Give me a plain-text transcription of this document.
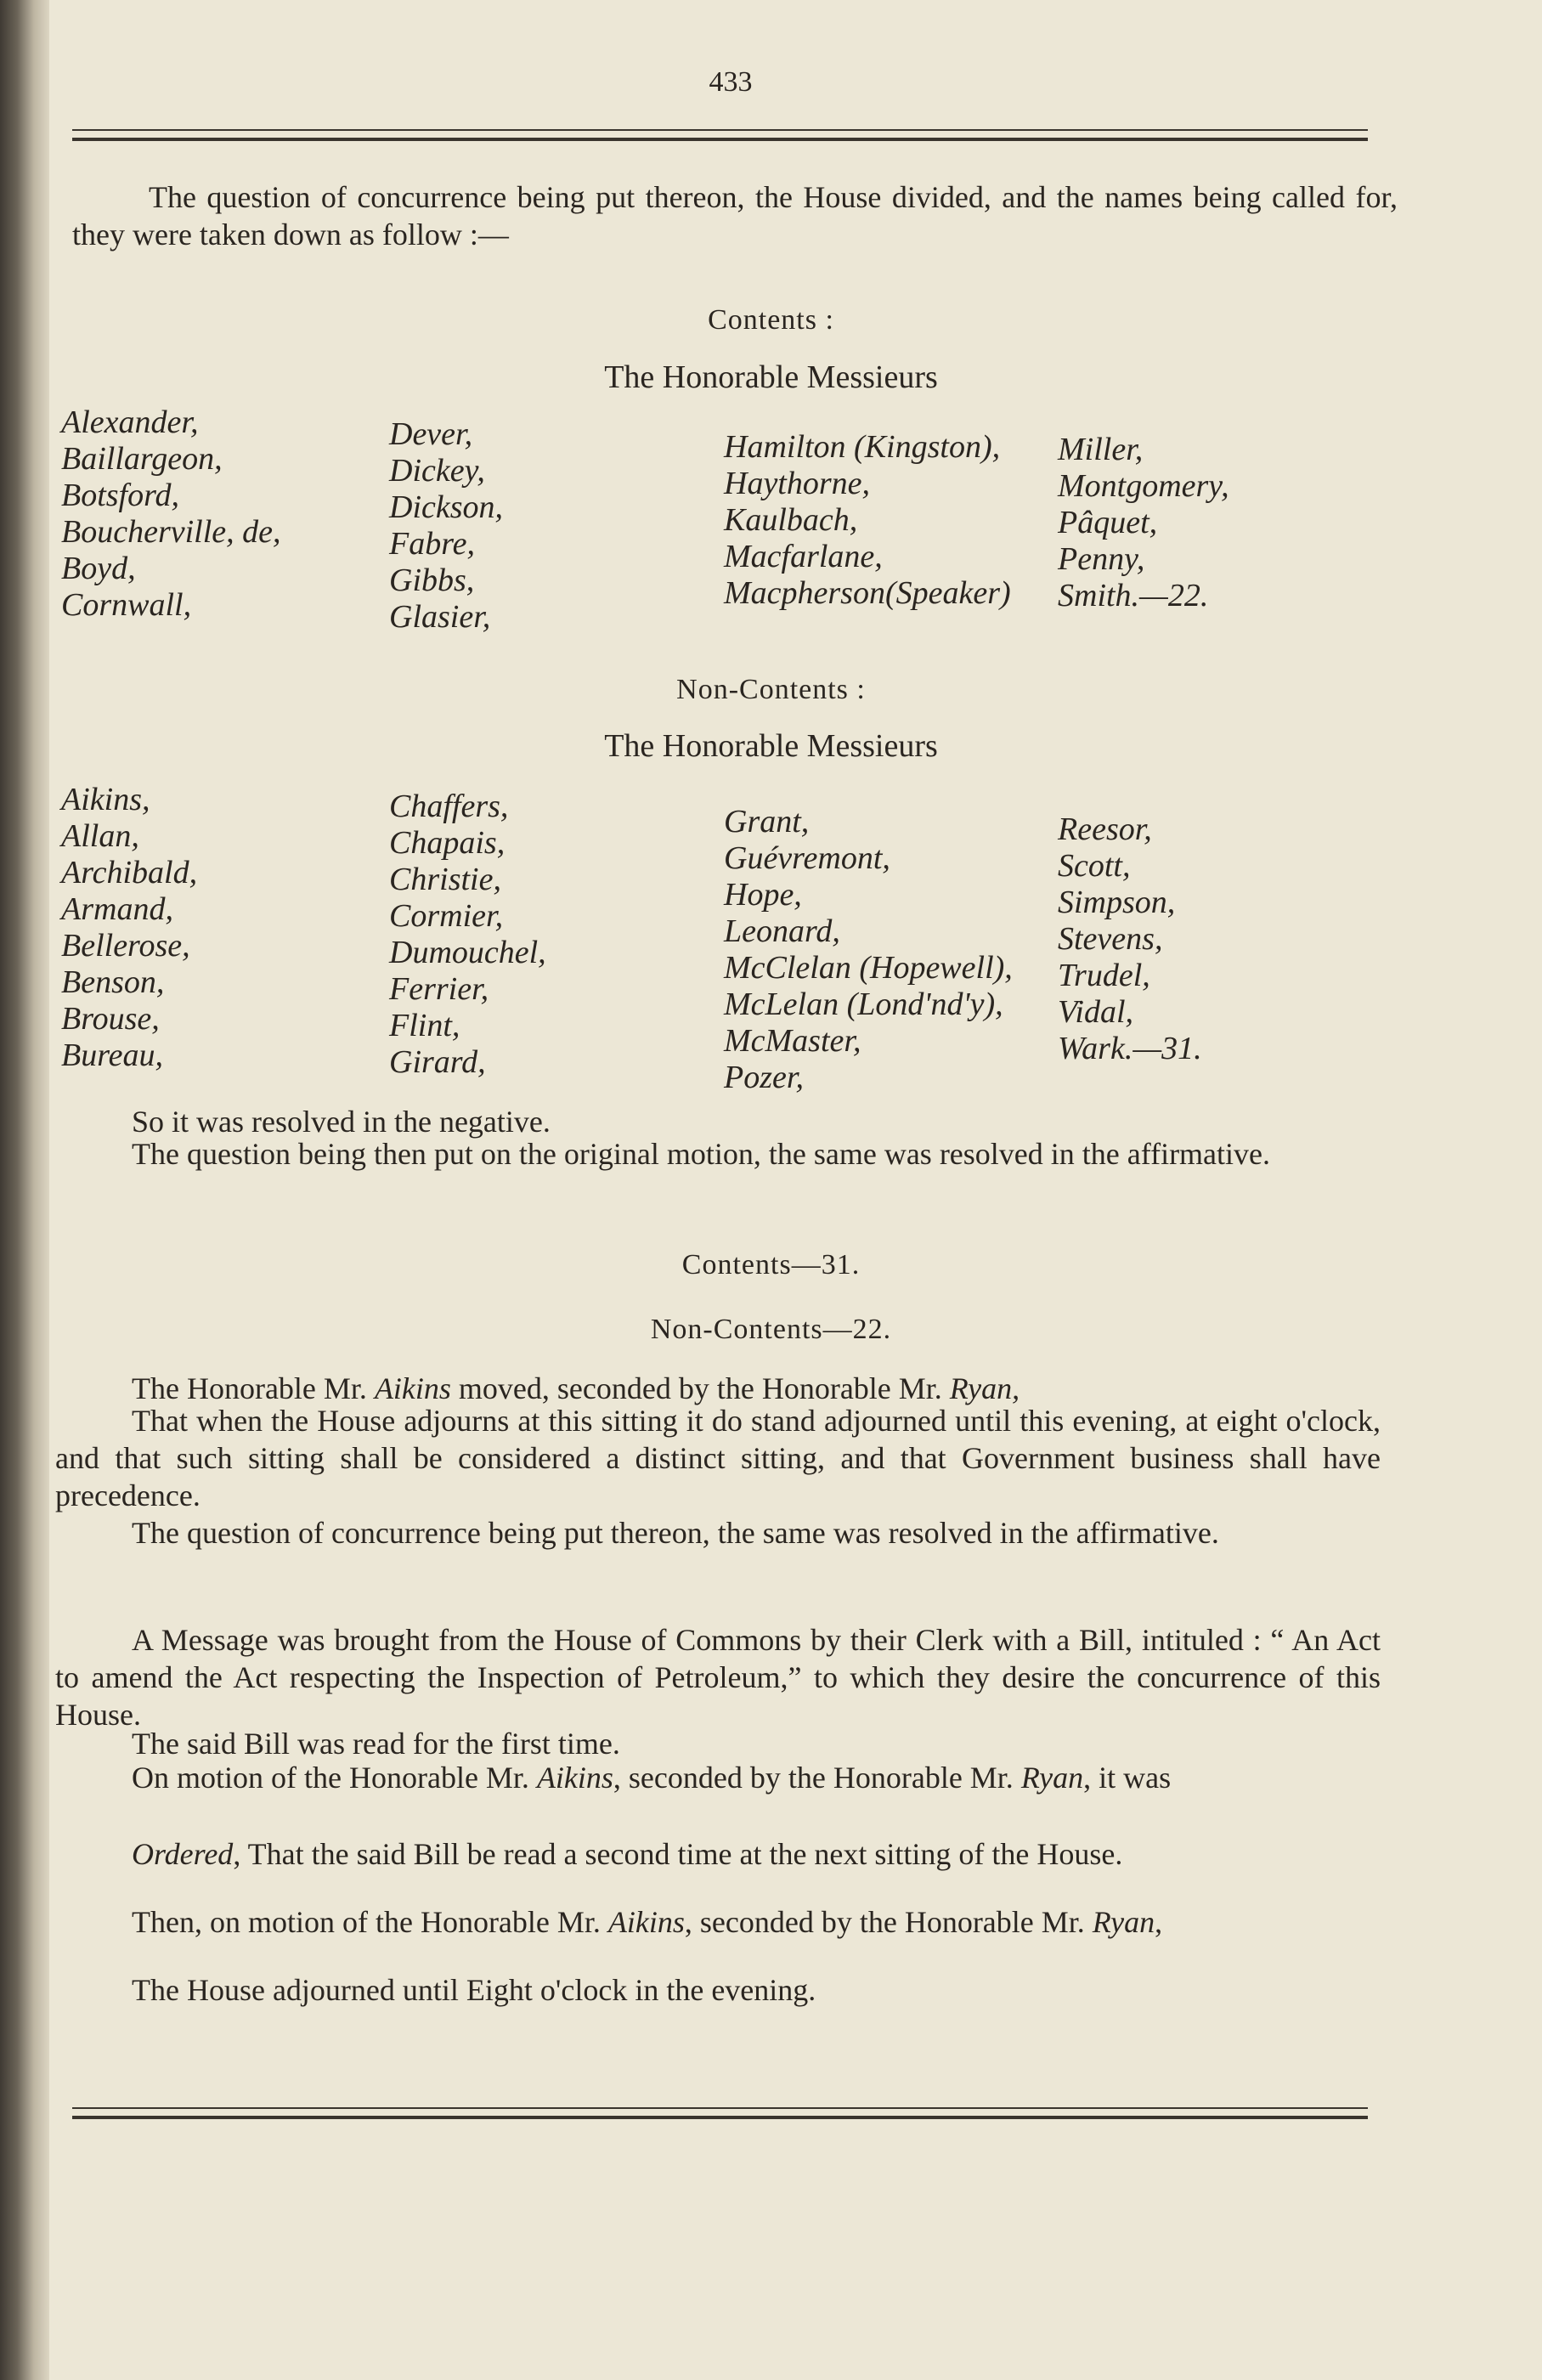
433

The question of concurrence being put thereon, the House divided, and the names being called for, they were taken down as follow :—

Contents :

The Honorable Messieurs

Alexander,
Baillargeon,
Botsford,
Boucherville, de,
Boyd,
Cornwall,
Dever,
Dickey,
Dickson,
Fabre,
Gibbs,
Glasier,
Hamilton (Kingston),
Haythorne,
Kaulbach,
Macfarlane,
Macpherson(Speaker)
Miller,
Montgomery,
Pâquet,
Penny,
Smith.—22.

Non-Contents :

The Honorable Messieurs

Aikins,
Allan,
Archibald,
Armand,
Bellerose,
Benson,
Brouse,
Bureau,
Chaffers,
Chapais,
Christie,
Cormier,
Dumouchel,
Ferrier,
Flint,
Girard,
Grant,
Guévremont,
Hope,
Leonard,
McClelan (Hopewell),
McLelan (Lond'nd'y),
McMaster,
Pozer,
Reesor,
Scott,
Simpson,
Stevens,
Trudel,
Vidal,
Wark.—31.

So it was resolved in the negative.

The question being then put on the original motion, the same was resolved in the affirmative.

Contents—31.

Non-Contents—22.

The Honorable Mr. Aikins moved, seconded by the Honorable Mr. Ryan,

That when the House adjourns at this sitting it do stand adjourned until this evening, at eight o'clock, and that such sitting shall be considered a distinct sitting, and that Government business shall have precedence.

The question of concurrence being put thereon, the same was resolved in the affirmative.

A Message was brought from the House of Commons by their Clerk with a Bill, intituled : “ An Act to amend the Act respecting the Inspection of Petroleum,” to which they desire the concurrence of this House.

The said Bill was read for the first time.

On motion of the Honorable Mr. Aikins, seconded by the Honorable Mr. Ryan, it was

Ordered, That the said Bill be read a second time at the next sitting of the House.

Then, on motion of the Honorable Mr. Aikins, seconded by the Honorable Mr. Ryan,

The House adjourned until Eight o'clock in the evening.
